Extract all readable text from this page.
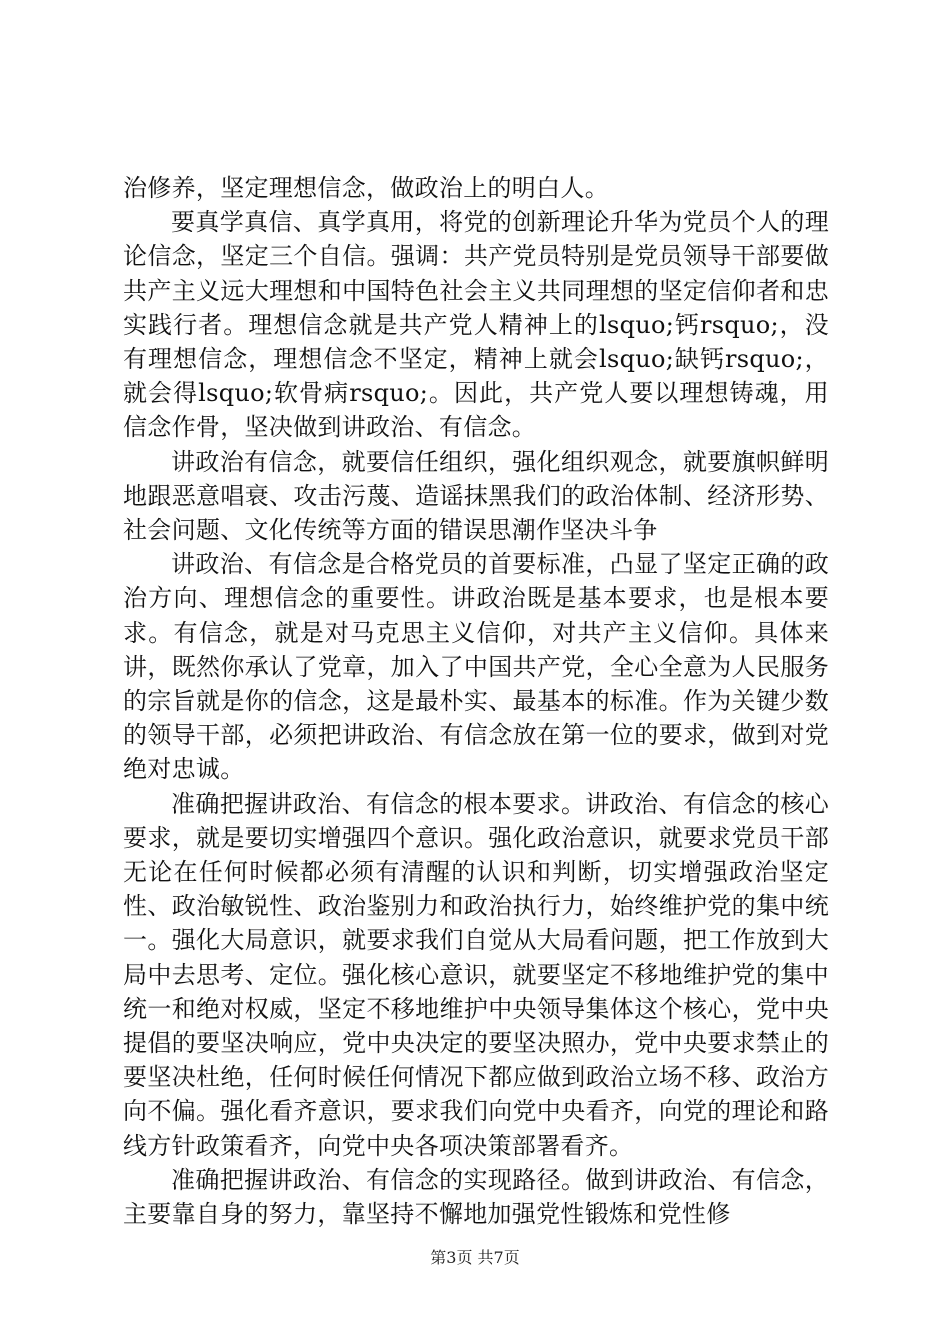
治修养，坚定理想信念，做政治上的明白人。

要真学真信、真学真用，将党的创新理论升华为党员个人的理论信念，坚定三个自信。强调：共产党员特别是党员领导干部要做共产主义远大理想和中国特色社会主义共同理想的坚定信仰者和忠实践行者。理想信念就是共产党人精神上的lsquo;钙rsquo;，没有理想信念，理想信念不坚定，精神上就会lsquo;缺钙rsquo;，就会得lsquo;软骨病rsquo;。因此，共产党人要以理想铸魂，用信念作骨，坚决做到讲政治、有信念。

讲政治有信念，就要信任组织，强化组织观念，就要旗帜鲜明地跟恶意唱衰、攻击污蔑、造谣抹黑我们的政治体制、经济形势、社会问题、文化传统等方面的错误思潮作坚决斗争

讲政治、有信念是合格党员的首要标准，凸显了坚定正确的政治方向、理想信念的重要性。讲政治既是基本要求，也是根本要求。有信念，就是对马克思主义信仰，对共产主义信仰。具体来讲，既然你承认了党章，加入了中国共产党，全心全意为人民服务的宗旨就是你的信念，这是最朴实、最基本的标准。作为关键少数的领导干部，必须把讲政治、有信念放在第一位的要求，做到对党绝对忠诚。

准确把握讲政治、有信念的根本要求。讲政治、有信念的核心要求，就是要切实增强四个意识。强化政治意识，就要求党员干部无论在任何时候都必须有清醒的认识和判断，切实增强政治坚定性、政治敏锐性、政治鉴别力和政治执行力，始终维护党的集中统一。强化大局意识，就要求我们自觉从大局看问题，把工作放到大局中去思考、定位。强化核心意识，就要坚定不移地维护党的集中统一和绝对权威，坚定不移地维护中央领导集体这个核心，党中央提倡的要坚决响应，党中央决定的要坚决照办，党中央要求禁止的要坚决杜绝，任何时候任何情况下都应做到政治立场不移、政治方向不偏。强化看齐意识，要求我们向党中央看齐，向党的理论和路线方针政策看齐，向党中央各项决策部署看齐。

准确把握讲政治、有信念的实现路径。做到讲政治、有信念，主要靠自身的努力，靠坚持不懈地加强党性锻炼和党性修

第3页 共7页
